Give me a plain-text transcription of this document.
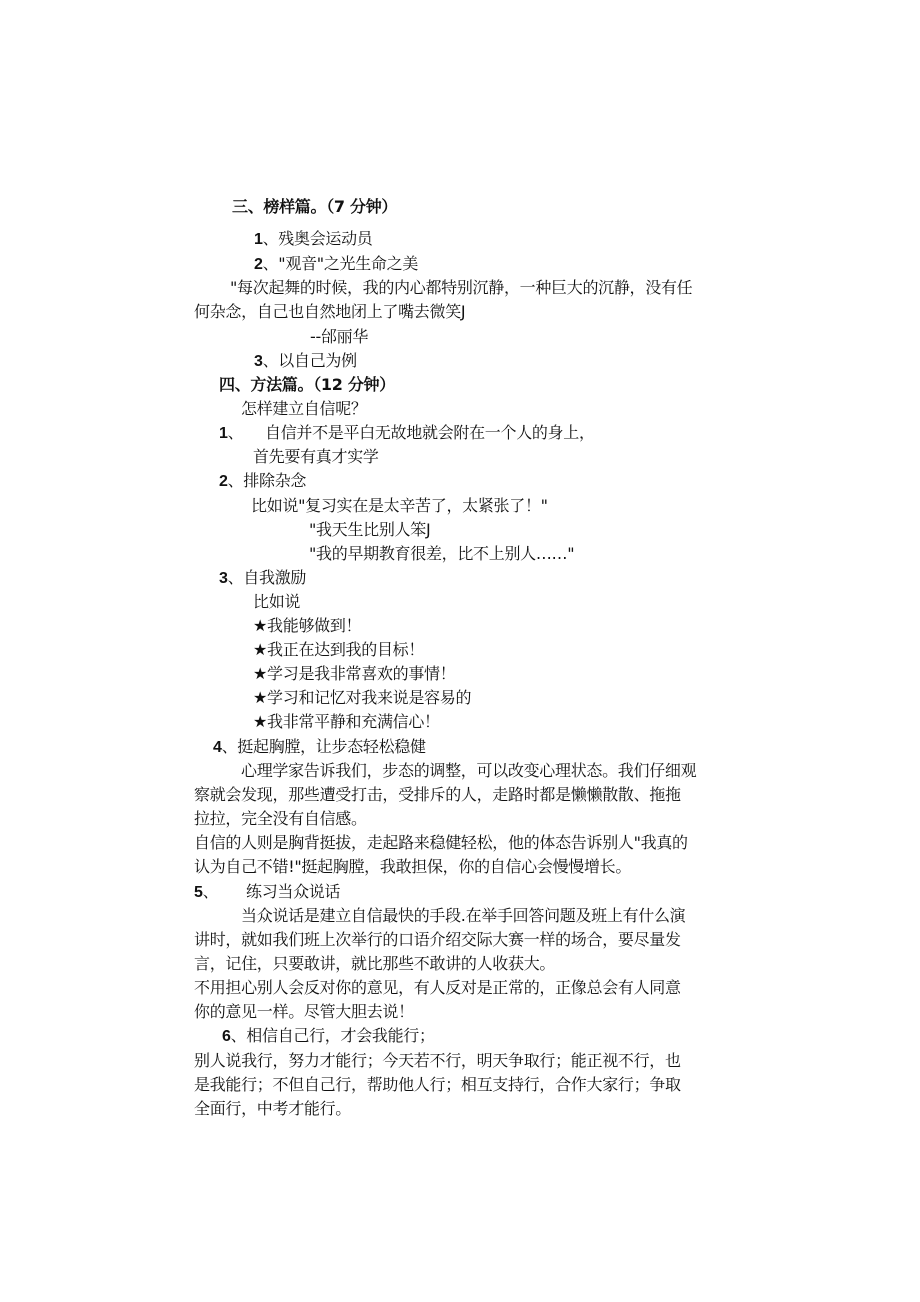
三、榜样篇。（7 分钟）
1、残奥会运动员
2、"观音"之光生命之美
"每次起舞的时候，我的内心都特别沉静，一种巨大的沉静，没有任
何杂念，自己也自然地闭上了嘴去微笑J
--邰丽华
3、以自己为例
四、方法篇。（12 分钟）
怎样建立自信呢？
1、 自信并不是平白无故地就会附在一个人的身上，
首先要有真才实学
2、排除杂念
比如说"复习实在是太辛苦了，太紧张了！"
"我天生比别人笨J
"我的早期教育很差，比不上别人……"
3、自我激励
比如说
★我能够做到！
★我正在达到我的目标！
★学习是我非常喜欢的事情！
★学习和记忆对我来说是容易的
★我非常平静和充满信心！
4、挺起胸膛，让步态轻松稳健
心理学家告诉我们，步态的调整，可以改变心理状态。我们仔细观
察就会发现，那些遭受打击，受排斥的人，走路时都是懒懒散散、拖拖
拉拉，完全没有自信感。
自信的人则是胸背挺拔，走起路来稳健轻松，他的体态告诉别人"我真的
认为自己不错!"挺起胸膛，我敢担保，你的自信心会慢慢增长。
5、 练习当众说话
当众说话是建立自信最快的手段.在举手回答问题及班上有什么演
讲时，就如我们班上次举行的口语介绍交际大赛一样的场合，要尽量发
言，记住，只要敢讲，就比那些不敢讲的人收获大。
不用担心别人会反对你的意见，有人反对是正常的，正像总会有人同意
你的意见一样。尽管大胆去说！
6、相信自己行，才会我能行；
别人说我行，努力才能行；今天若不行，明天争取行；能正视不行，也
是我能行；不但自己行，帮助他人行；相互支持行，合作大家行；争取
全面行，中考才能行。
